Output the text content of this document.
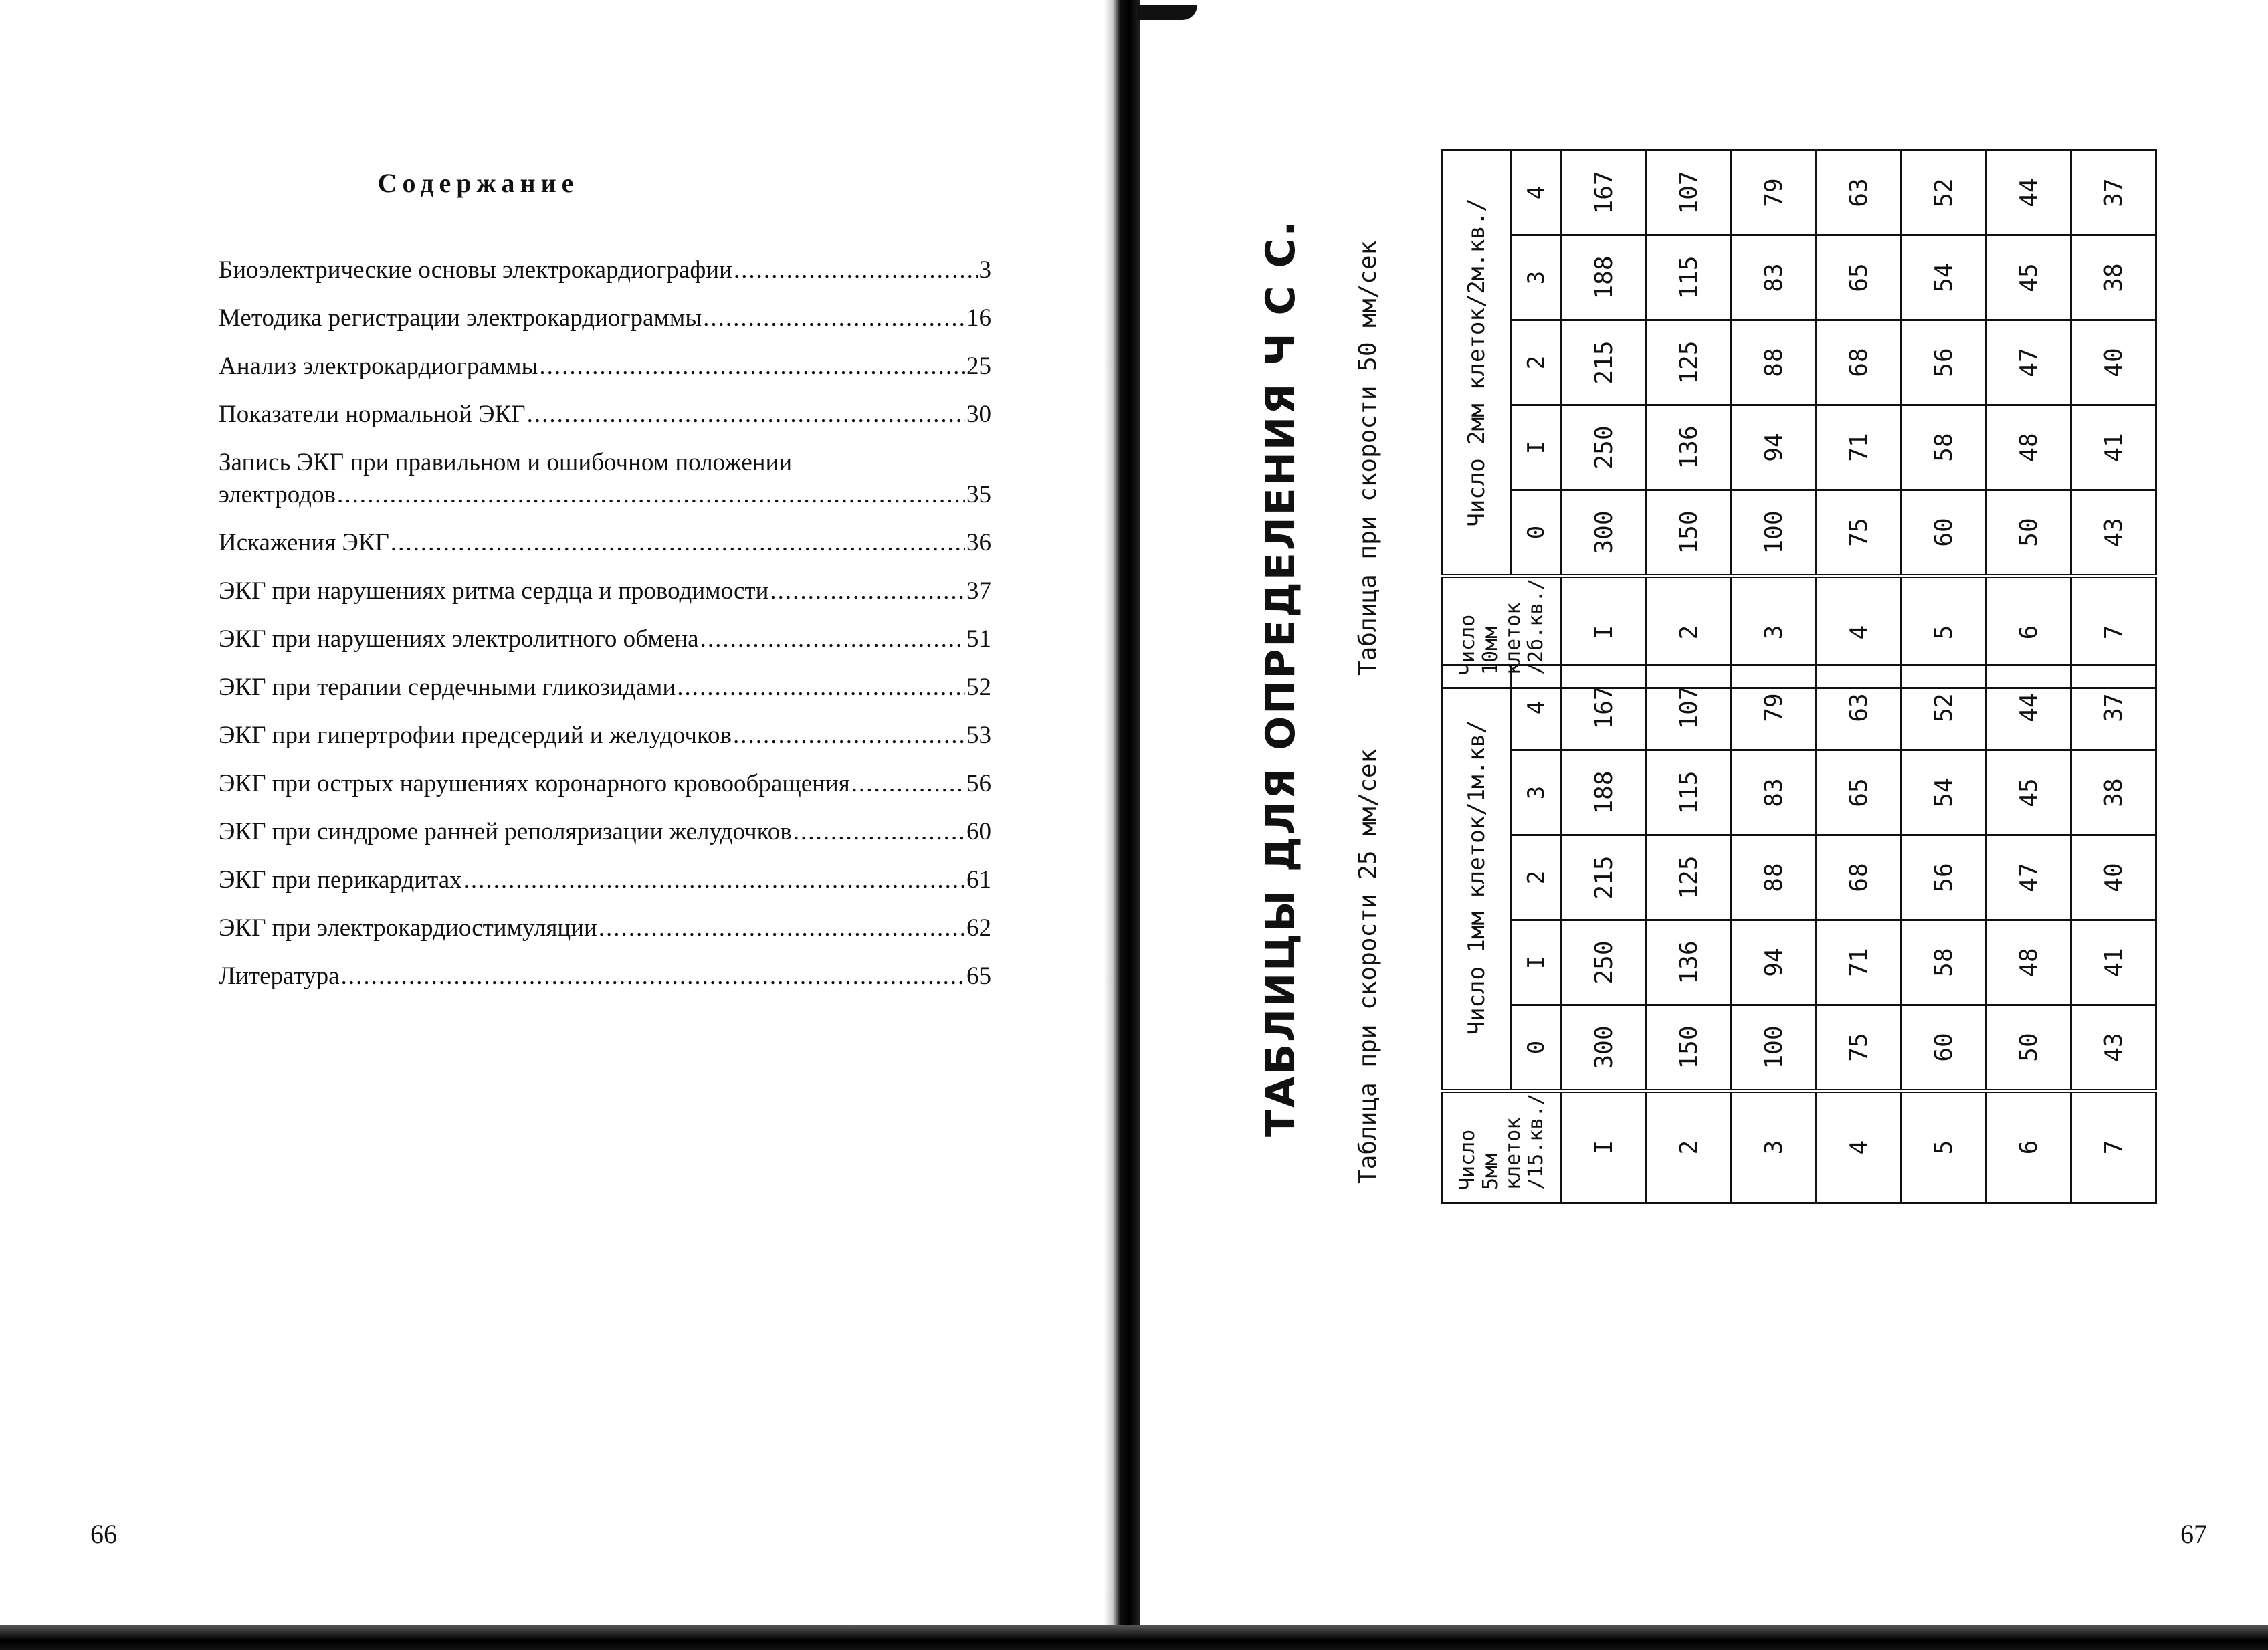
Содержание
Биоэлектрические основы электрокардиографии .....	3
Методика регистрации электрокардиограммы .....	16
Анализ электрокардиограммы .....	25
Показатели нормальной ЭКГ .....	30
Запись ЭКГ при правильном и ошибочном положении
электродов .....	35
Искажения ЭКГ .....	36
ЭКГ при нарушениях ритма сердца и проводимости .....	37
ЭКГ при нарушениях электролитного обмена .....	51
ЭКГ при терапии сердечными гликозидами .....	52
ЭКГ при гипертрофии предсердий и желудочков .....	53
ЭКГ при острых нарушениях коронарного кровообращения .....	56
ЭКГ при синдроме ранней реполяризации желудочков .....	60
ЭКГ при перикардитах .....	61
ЭКГ при электрокардиостимуляции .....	62
Литература .....	65
66
ТАБЛИЦЫ ДЛЯ ОПРЕДЕЛЕНИЯ Ч С С. Таблица при скорости 25 мм/сек
Таблица при скорости 50 мм/сек
Число 5мм клеток /15.кв./	Число 1мм клеток/1м.кв/				
	0	I	2	3	4
I	300	250	215	188	167
2	150	136	125	115	107
3	100	94	88	83	79
4	75	71	68	65	63
5	60	58	56	54	52
6	50	48	47	45	44
7	43	41	40	38	37
Число 10мм клеток /2б.кв./	Число 2мм клеток/2м.кв./				
	0	I	2	3	4
I	300	250	215	188	167
2	150	136	125	115	107
3	100	94	88	83	79
4	75	71	68	65	63
5	60	58	56	54	52
6	50	48	47	45	44
7	43	41	40	38	37
67
